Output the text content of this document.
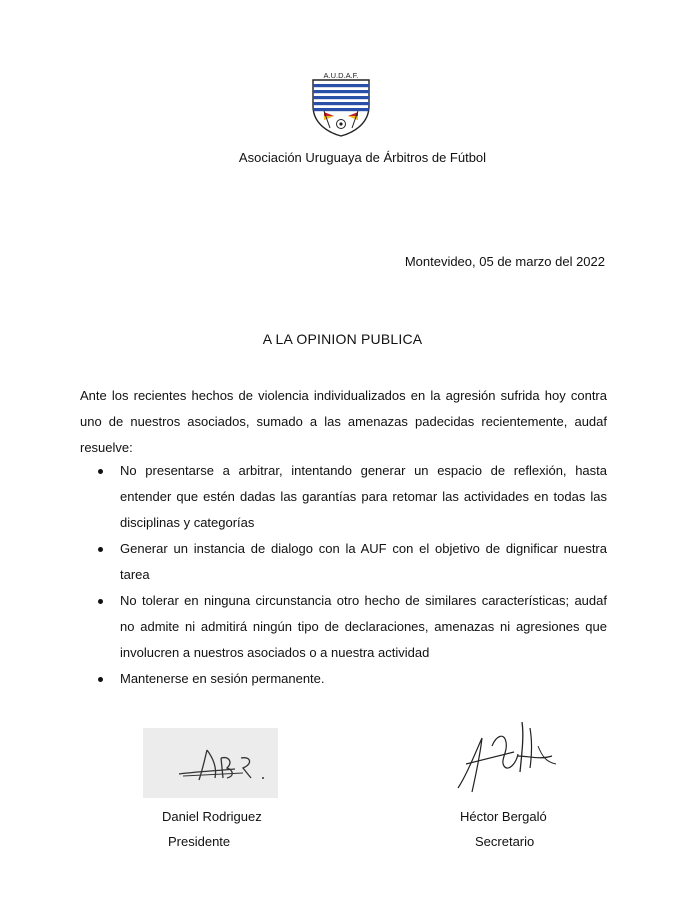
A.U.D.A.F.
Asociación Uruguaya de Árbitros de Fútbol
Montevideo, 05 de marzo del 2022
A LA OPINION PUBLICA

Ante los recientes hechos de violencia individualizados en la agresión sufrida hoy contra uno de nuestros asociados, sumado a las amenazas padecidas recientemente, audaf resuelve:

No presentarse a arbitrar, intentando generar un espacio de reflexión, hasta entender que estén dadas las garantías para retomar las actividades en todas las disciplinas y categorías
Generar un instancia de dialogo con la AUF con el objetivo de dignificar nuestra tarea
No tolerar en ninguna circunstancia otro hecho de similares características; audaf no admite ni admitirá ningún tipo de declaraciones, amenazas ni agresiones que involucren a nuestros asociados o a nuestra actividad
Mantenerse en sesión permanente.
Daniel Rodriguez
Presidente
Héctor Bergaló
Secretario
